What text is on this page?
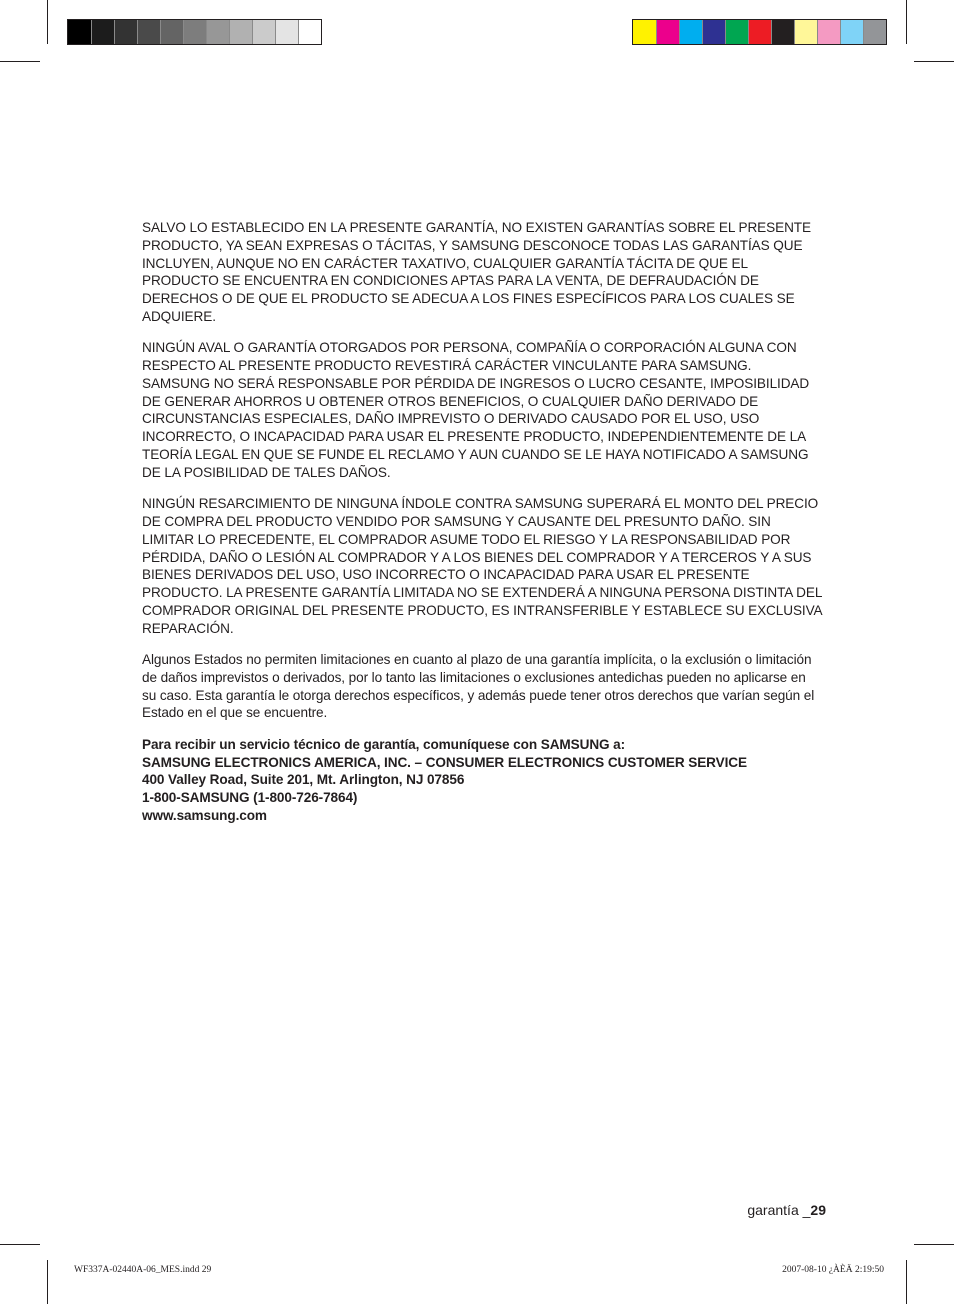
SALVO LO ESTABLECIDO EN LA PRESENTE GARANTÍA, NO EXISTEN GARANTÍAS SOBRE EL PRESENTE PRODUCTO, YA SEAN EXPRESAS O TÁCITAS, Y SAMSUNG DESCONOCE TODAS LAS GARANTÍAS QUE INCLUYEN, AUNQUE NO EN CARÁCTER TAXATIVO, CUALQUIER GARANTÍA TÁCITA DE QUE EL PRODUCTO SE ENCUENTRA EN CONDICIONES APTAS PARA LA VENTA, DE DEFRAUDACIÓN DE DERECHOS O DE QUE EL PRODUCTO SE ADECUA A LOS FINES ESPECÍFICOS PARA LOS CUALES SE ADQUIERE.

NINGÚN AVAL O GARANTÍA OTORGADOS POR PERSONA, COMPAÑÍA O CORPORACIÓN ALGUNA CON RESPECTO AL PRESENTE PRODUCTO REVESTIRÁ CARÁCTER VINCULANTE PARA SAMSUNG. SAMSUNG NO SERÁ RESPONSABLE POR PÉRDIDA DE INGRESOS O LUCRO CESANTE, IMPOSIBILIDAD DE GENERAR AHORROS U OBTENER OTROS BENEFICIOS, O CUALQUIER DAÑO DERIVADO DE CIRCUNSTANCIAS ESPECIALES, DAÑO IMPREVISTO O DERIVADO CAUSADO POR EL USO, USO INCORRECTO, O INCAPACIDAD PARA USAR EL PRESENTE PRODUCTO, INDEPENDIENTEMENTE DE LA TEORÍA LEGAL EN QUE SE FUNDE EL RECLAMO Y AUN CUANDO SE LE HAYA NOTIFICADO A SAMSUNG DE LA POSIBILIDAD DE TALES DAÑOS.

NINGÚN RESARCIMIENTO DE NINGUNA ÍNDOLE CONTRA SAMSUNG SUPERARÁ EL MONTO DEL PRECIO DE COMPRA DEL PRODUCTO VENDIDO POR SAMSUNG Y CAUSANTE DEL PRESUNTO DAÑO. SIN LIMITAR LO PRECEDENTE, EL COMPRADOR ASUME TODO EL RIESGO Y LA RESPONSABILIDAD POR PÉRDIDA, DAÑO O LESIÓN AL COMPRADOR Y A LOS BIENES DEL COMPRADOR Y A TERCEROS Y A SUS BIENES DERIVADOS DEL USO, USO INCORRECTO O INCAPACIDAD PARA USAR EL PRESENTE PRODUCTO. LA PRESENTE GARANTÍA LIMITADA NO SE EXTENDERÁ A NINGUNA PERSONA DISTINTA DEL COMPRADOR ORIGINAL DEL PRESENTE PRODUCTO, ES INTRANSFERIBLE Y ESTABLECE SU EXCLUSIVA REPARACIÓN.

Algunos Estados no permiten limitaciones en cuanto al plazo de una garantía implícita, o la exclusión o limitación de daños imprevistos o derivados, por lo tanto las limitaciones o exclusiones antedichas pueden no aplicarse en su caso. Esta garantía le otorga derechos específicos, y además puede tener otros derechos que varían según el Estado en el que se encuentre.

Para recibir un servicio técnico de garantía, comuníquese con SAMSUNG a:
SAMSUNG ELECTRONICS AMERICA, INC. – CONSUMER ELECTRONICS CUSTOMER SERVICE
400 Valley Road, Suite 201, Mt. Arlington, NJ 07856
1-800-SAMSUNG (1-800-726-7864)
www.samsung.com

garantía _29
WF337A-02440A-06_MES.indd 29	2007-08-10 ¿ÀÈÄ 2:19:50
